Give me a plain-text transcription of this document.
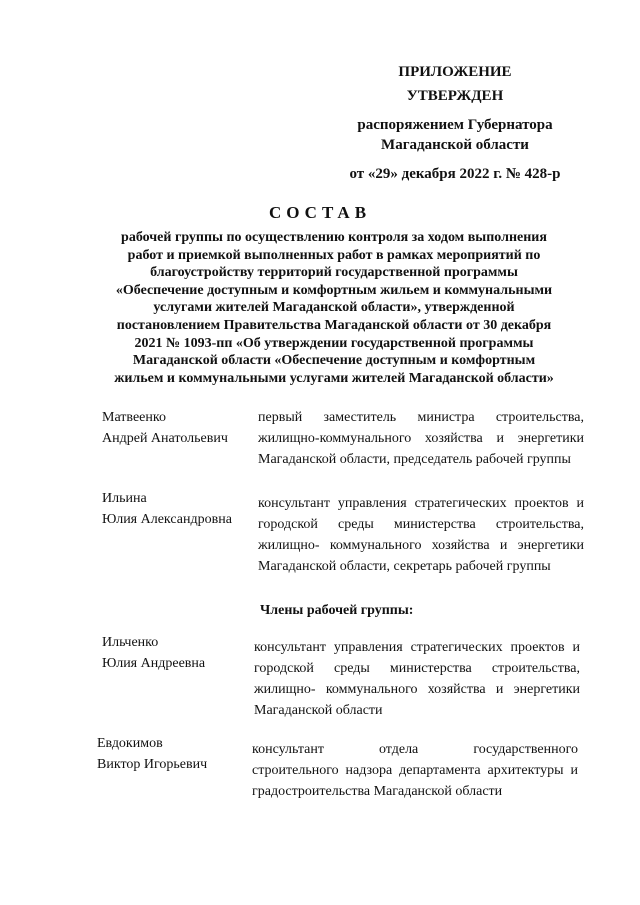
ПРИЛОЖЕНИЕ
УТВЕРЖДЕН
распоряжением Губернатора
Магаданской области
от «29» декабря 2022 г. № 428-р
СОСТАВ
рабочей группы по осуществлению контроля за ходом выполнения
работ и приемкой выполненных работ в рамках мероприятий по
благоустройству территорий государственной программы
«Обеспечение доступным и комфортным жильем и коммунальными
услугами жителей Магаданской области», утвержденной
постановлением Правительства Магаданской области от 30 декабря
2021 № 1093-пп «Об утверждении государственной программы
Магаданской области «Обеспечение доступным и комфортным
жильем и коммунальными услугами жителей Магаданской области»
Матвеенко
Андрей Анатольевич
первый заместитель министра строительства,
жилищно-коммунального хозяйства и энергетики
Магаданской области, председатель рабочей группы
Ильина
Юлия Александровна
консультант управления стратегических проектов и
городской среды министерства строительства,
жилищно- коммунального хозяйства и энергетики
Магаданской области, секретарь рабочей группы
Члены рабочей группы:
Ильченко
Юлия Андреевна
консультант управления стратегических проектов и
городской среды министерства строительства,
жилищно- коммунального хозяйства и энергетики
Магаданской области
Евдокимов
Виктор Игорьевич
консультант отдела государственного
строительного надзора департамента архитектуры и
градостроительства Магаданской области
